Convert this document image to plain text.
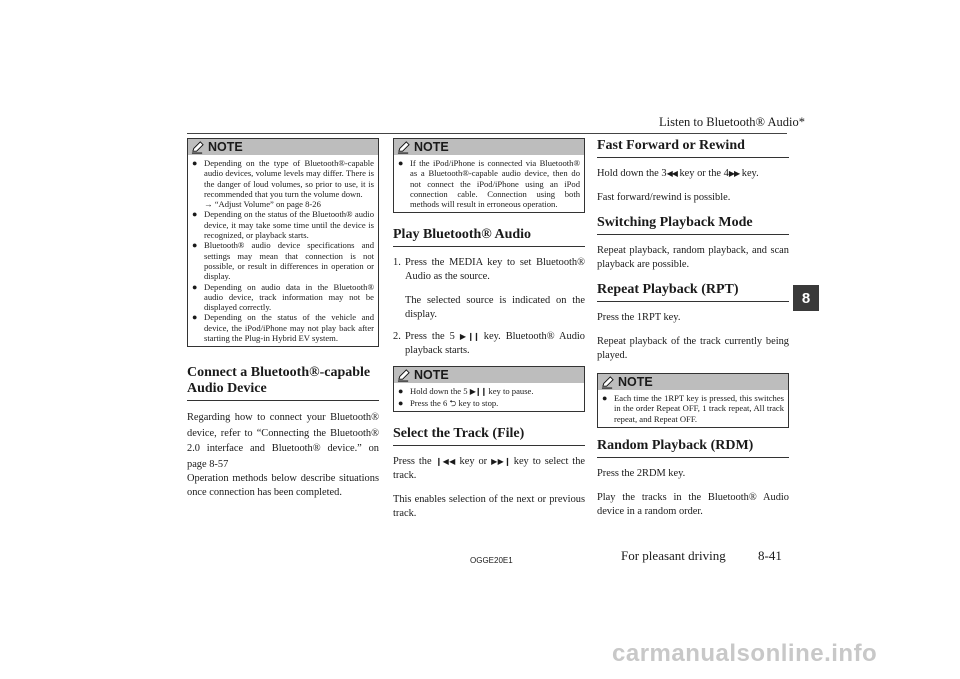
Listen to Bluetooth® Audio*
8
NOTE
● Depending on the type of Bluetooth®-capable audio devices, volume levels may differ. There is the danger of loud volumes, so prior to use, it is recommended that you turn the volume down.
→ “Adjust Volume” on page 8-26
● Depending on the status of the Bluetooth® audio device, it may take some time until the device is recognized, or playback starts.
● Bluetooth® audio device specifications and settings may mean that connection is not possible, or result in differences in operation or display.
● Depending on audio data in the Bluetooth® audio device, track information may not be displayed correctly.
● Depending on the status of the vehicle and device, the iPod/iPhone may not play back after starting the Plug-in Hybrid EV system.
Connect a Bluetooth®-capable Audio Device

Regarding how to connect your Bluetooth® device, refer to “Connecting the Bluetooth® 2.0 interface and Bluetooth® device.” on page 8-57

Operation methods below describe situations once connection has been completed.

NOTE
● If the iPod/iPhone is connected via Bluetooth® as a Bluetooth®-capable audio device, then do not connect the iPod/iPhone using an iPod connection cable. Connection using both methods will result in erroneous operation.
Play Bluetooth® Audio
1. Press the MEDIA key to set Bluetooth® Audio as the source.
The selected source is indicated on the display.
2. Press the 5 ▶❙❙ key. Bluetooth® Audio playback starts.
NOTE
● Hold down the 5 ▶❙❙ key to pause.
● Press the 6 ⮌ key to stop.
Select the Track (File)

Press the ❙◀◀ key or ▶▶❙ key to select the track.

This enables selection of the next or previous track.

Fast Forward or Rewind

Hold down the 3◀◀ key or the 4▶▶ key.

Fast forward/rewind is possible.

Switching Playback Mode

Repeat playback, random playback, and scan playback are possible.

Repeat Playback (RPT)

Press the 1RPT key.

Repeat playback of the track currently being played.

NOTE
● Each time the 1RPT key is pressed, this switches in the order Repeat OFF, 1 track repeat, All track repeat, and Repeat OFF.
Random Playback (RDM)

Press the 2RDM key.

Play the tracks in the Bluetooth® Audio device in a random order.

OGGE20E1	For pleasant driving 8-41
carmanualsonline.info
